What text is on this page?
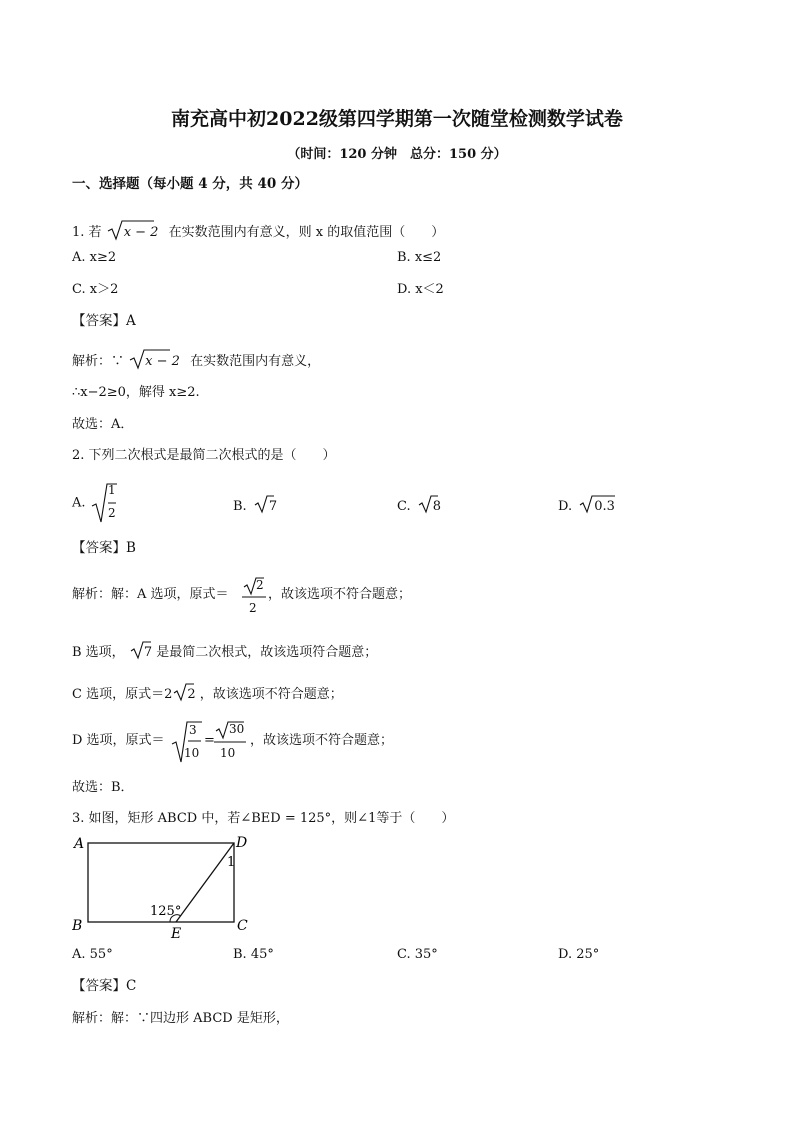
南充高中初2022级第四学期第一次随堂检测数学试卷
（时间：120 分钟　总分：150 分）
一、选择题（每小题 4 分，共 40 分）
1. 若 x − 2 在实数范围内有意义，则 x 的取值范围（　　）
A. x≥2	B. x≤2
C. x＞2	D. x＜2
【答案】A
解析：∵ x − 2 在实数范围内有意义，
∴x−2≥0，解得 x≥2.
故选：A．
2. 下列二次根式是最简二次根式的是（　　）
A.
1
2	B. 7	C. 8	D. 0.3
【答案】B
解析：解：A 选项，原式＝
2
2
，故该选项不符合题意；
B 选项， 7 是最简二次根式，故该选项符合题意；
C 选项，原式＝2 2 ，故该选项不符合题意；
D 选项，原式＝
3
10
=
30
10
，故该选项不符合题意；
故选：B．
3. 如图，矩形 ABCD 中，若∠BED = 125°，则∠1等于（　　）
A	D
B	C
E
125°
1
A. 55°	B. 45°	C. 35°	D. 25°
【答案】C
解析：解：∵四边形 ABCD 是矩形，
